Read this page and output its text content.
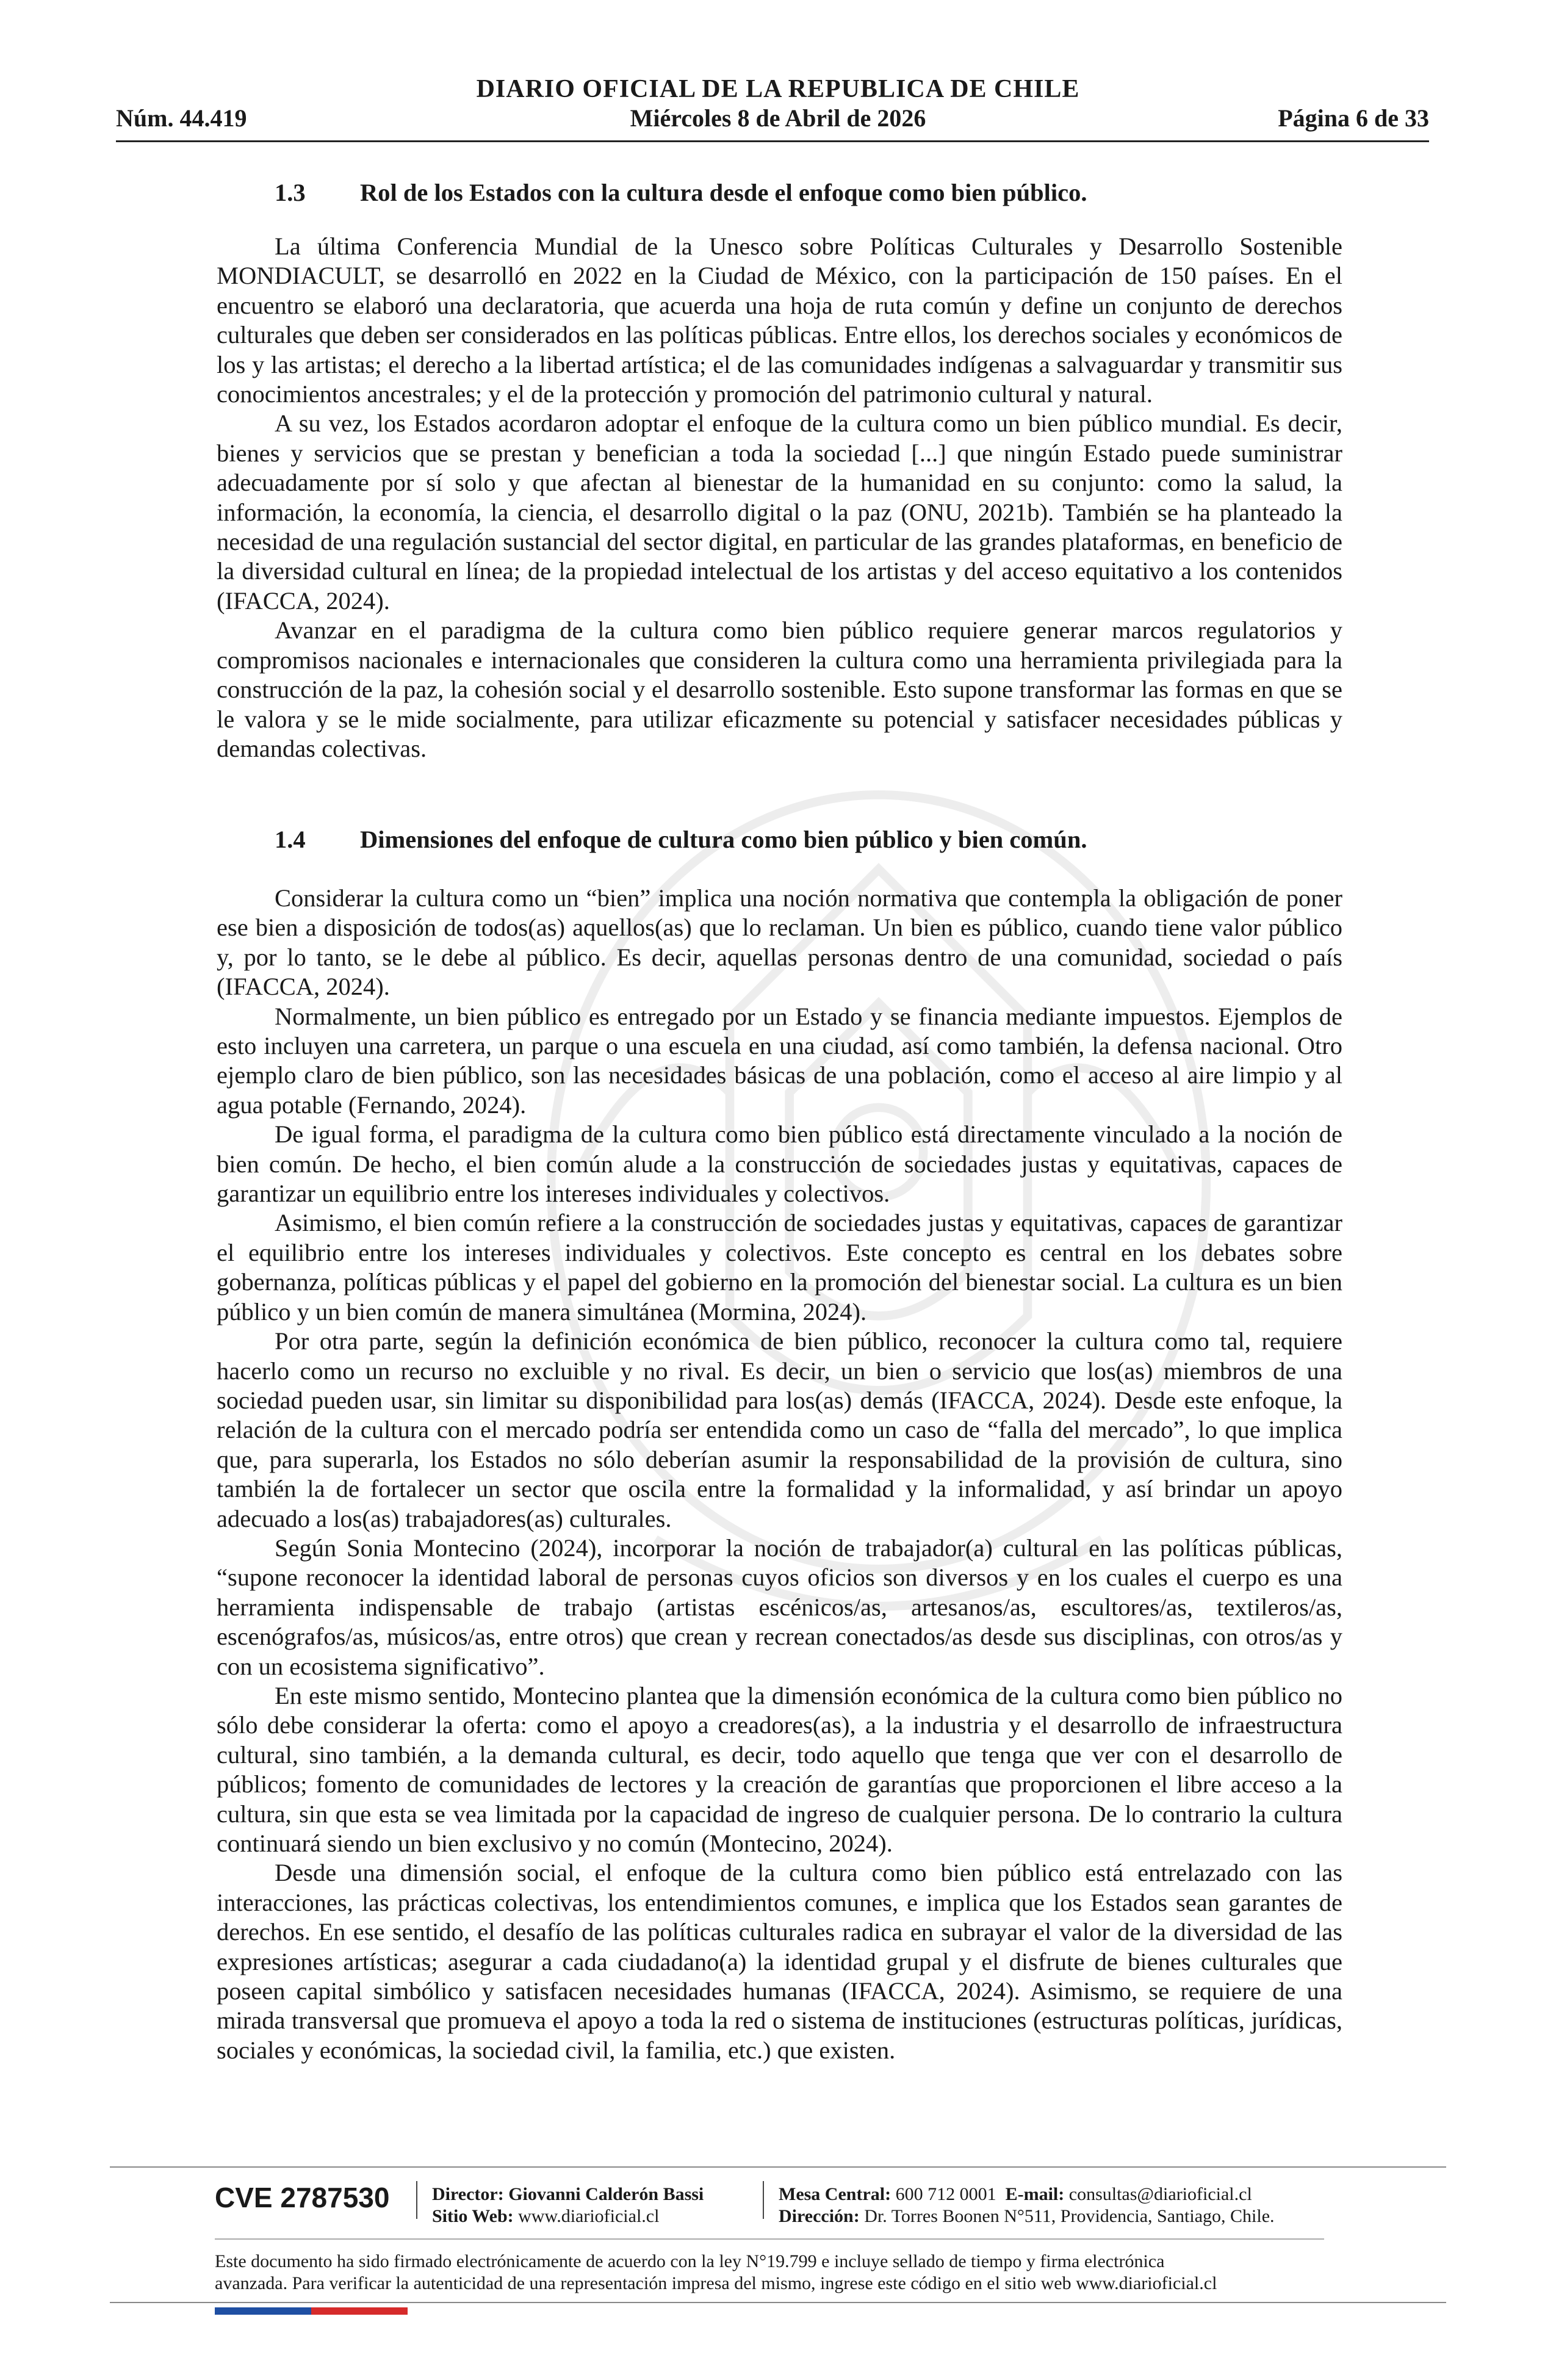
DIARIO OFICIAL DE LA REPUBLICA DE CHILE
Núm. 44.419	Miércoles 8 de Abril de 2026	Página 6 de 33
1.3 Rol de los Estados con la cultura desde el enfoque como bien público.

La última Conferencia Mundial de la Unesco sobre Políticas Culturales y Desarrollo Sostenible MONDIACULT, se desarrolló en 2022 en la Ciudad de México, con la participación de 150 países. En el encuentro se elaboró una declaratoria, que acuerda una hoja de ruta común y define un conjunto de derechos culturales que deben ser considerados en las políticas públicas. Entre ellos, los derechos sociales y económicos de los y las artistas; el derecho a la libertad artística; el de las comunidades indígenas a salvaguardar y transmitir sus conocimientos ancestrales; y el de la protección y promoción del patrimonio cultural y natural.

A su vez, los Estados acordaron adoptar el enfoque de la cultura como un bien público mundial. Es decir, bienes y servicios que se prestan y benefician a toda la sociedad [...] que ningún Estado puede suministrar adecuadamente por sí solo y que afectan al bienestar de la humanidad en su conjunto: como la salud, la información, la economía, la ciencia, el desarrollo digital o la paz (ONU, 2021b). También se ha planteado la necesidad de una regulación sustancial del sector digital, en particular de las grandes plataformas, en beneficio de la diversidad cultural en línea; de la propiedad intelectual de los artistas y del acceso equitativo a los contenidos (IFACCA, 2024).

Avanzar en el paradigma de la cultura como bien público requiere generar marcos regulatorios y compromisos nacionales e internacionales que consideren la cultura como una herramienta privilegiada para la construcción de la paz, la cohesión social y el desarrollo sostenible. Esto supone transformar las formas en que se le valora y se le mide socialmente, para utilizar eficazmente su potencial y satisfacer necesidades públicas y demandas colectivas.

1.4 Dimensiones del enfoque de cultura como bien público y bien común.

Considerar la cultura como un “bien” implica una noción normativa que contempla la obligación de poner ese bien a disposición de todos(as) aquellos(as) que lo reclaman. Un bien es público, cuando tiene valor público y, por lo tanto, se le debe al público. Es decir, aquellas personas dentro de una comunidad, sociedad o país (IFACCA, 2024).

Normalmente, un bien público es entregado por un Estado y se financia mediante impuestos. Ejemplos de esto incluyen una carretera, un parque o una escuela en una ciudad, así como también, la defensa nacional. Otro ejemplo claro de bien público, son las necesidades básicas de una población, como el acceso al aire limpio y al agua potable (Fernando, 2024).

De igual forma, el paradigma de la cultura como bien público está directamente vinculado a la noción de bien común. De hecho, el bien común alude a la construcción de sociedades justas y equitativas, capaces de garantizar un equilibrio entre los intereses individuales y colectivos.

Asimismo, el bien común refiere a la construcción de sociedades justas y equitativas, capaces de garantizar el equilibrio entre los intereses individuales y colectivos. Este concepto es central en los debates sobre gobernanza, políticas públicas y el papel del gobierno en la promoción del bienestar social. La cultura es un bien público y un bien común de manera simultánea (Mormina, 2024).

Por otra parte, según la definición económica de bien público, reconocer la cultura como tal, requiere hacerlo como un recurso no excluible y no rival. Es decir, un bien o servicio que los(as) miembros de una sociedad pueden usar, sin limitar su disponibilidad para los(as) demás (IFACCA, 2024). Desde este enfoque, la relación de la cultura con el mercado podría ser entendida como un caso de “falla del mercado”, lo que implica que, para superarla, los Estados no sólo deberían asumir la responsabilidad de la provisión de cultura, sino también la de fortalecer un sector que oscila entre la formalidad y la informalidad, y así brindar un apoyo adecuado a los(as) trabajadores(as) culturales.

Según Sonia Montecino (2024), incorporar la noción de trabajador(a) cultural en las políticas públicas, “supone reconocer la identidad laboral de personas cuyos oficios son diversos y en los cuales el cuerpo es una herramienta indispensable de trabajo (artistas escénicos/as, artesanos/as, escultores/as, textileros/as, escenógrafos/as, músicos/as, entre otros) que crean y recrean conectados/as desde sus disciplinas, con otros/as y con un ecosistema significativo”.

En este mismo sentido, Montecino plantea que la dimensión económica de la cultura como bien público no sólo debe considerar la oferta: como el apoyo a creadores(as), a la industria y el desarrollo de infraestructura cultural, sino también, a la demanda cultural, es decir, todo aquello que tenga que ver con el desarrollo de públicos; fomento de comunidades de lectores y la creación de garantías que proporcionen el libre acceso a la cultura, sin que esta se vea limitada por la capacidad de ingreso de cualquier persona. De lo contrario la cultura continuará siendo un bien exclusivo y no común (Montecino, 2024).

Desde una dimensión social, el enfoque de la cultura como bien público está entrelazado con las interacciones, las prácticas colectivas, los entendimientos comunes, e implica que los Estados sean garantes de derechos. En ese sentido, el desafío de las políticas culturales radica en subrayar el valor de la diversidad de las expresiones artísticas; asegurar a cada ciudadano(a) la identidad grupal y el disfrute de bienes culturales que poseen capital simbólico y satisfacen necesidades humanas (IFACCA, 2024). Asimismo, se requiere de una mirada transversal que promueva el apoyo a toda la red o sistema de instituciones (estructuras políticas, jurídicas, sociales y económicas, la sociedad civil, la familia, etc.) que existen.

CVE 2787530 Director: Giovanni Calderón Bassi
Sitio Web: www.diarioficial.cl
Mesa Central: 600 712 0001 E-mail: consultas@diarioficial.cl
Dirección: Dr. Torres Boonen N°511, Providencia, Santiago, Chile.
Este documento ha sido firmado electrónicamente de acuerdo con la ley N°19.799 e incluye sellado de tiempo y firma electrónica
avanzada. Para verificar la autenticidad de una representación impresa del mismo, ingrese este código en el sitio web www.diarioficial.cl
